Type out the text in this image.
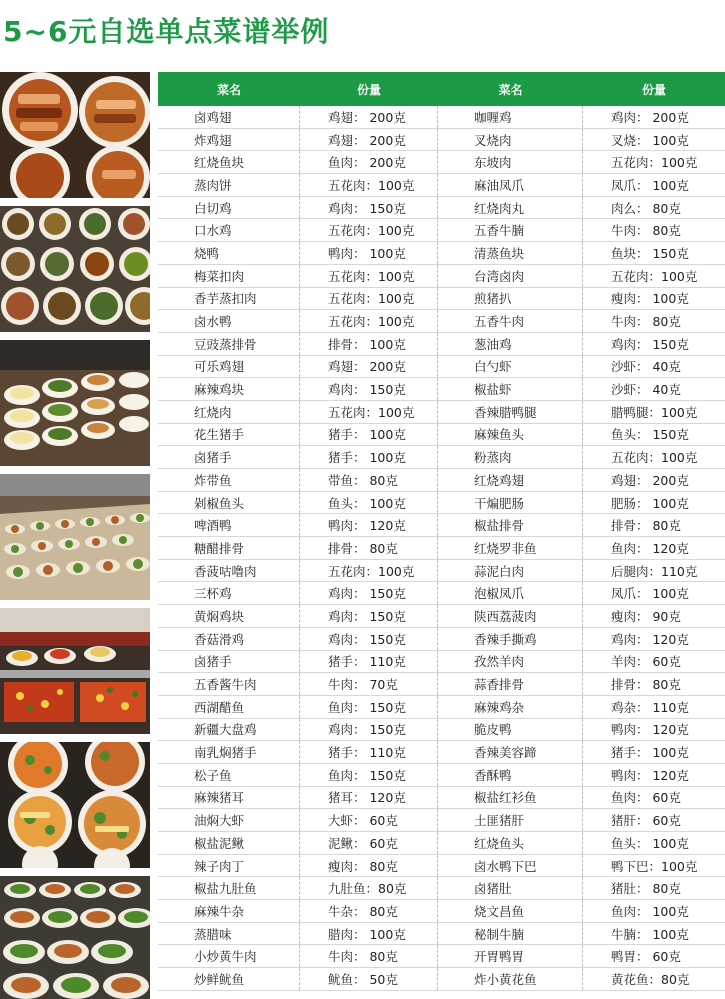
5~6元自选单点菜谱举例
菜名	份量	菜名	份量
卤鸡翅	鸡翅： 200克	咖喱鸡	鸡肉： 200克
炸鸡翅	鸡翅： 200克	叉烧肉	叉烧： 100克
红烧鱼块	鱼肉： 200克	东坡肉	五花肉：100克
蒸肉饼	五花肉：100克	麻油凤爪	凤爪： 100克
白切鸡	鸡肉： 150克	红烧肉丸	肉么： 80克
口水鸡	五花肉：100克	五香牛腩	牛肉： 80克
烧鸭	鸭肉： 100克	清蒸鱼块	鱼块： 150克
梅菜扣肉	五花肉：100克	台湾卤肉	五花肉：100克
香芋蒸扣肉	五花肉：100克	煎猪扒	瘦肉： 100克
卤水鸭	五花肉：100克	五香牛肉	牛肉： 80克
豆豉蒸排骨	排骨： 100克	葱油鸡	鸡肉： 150克
可乐鸡翅	鸡翅： 200克	白勺虾	沙虾： 40克
麻辣鸡块	鸡肉： 150克	椒盐虾	沙虾： 40克
红烧肉	五花肉：100克	香辣腊鸭腿	腊鸭腿：100克
花生猪手	猪手： 100克	麻辣鱼头	鱼头： 150克
卤猪手	猪手： 100克	粉蒸肉	五花肉：100克
炸带鱼	带鱼： 80克	红烧鸡翅	鸡翅： 200克
剁椒鱼头	鱼头： 100克	干煸肥肠	肥肠： 100克
啤酒鸭	鸭肉： 120克	椒盐排骨	排骨： 80克
糖醋排骨	排骨： 80克	红烧罗非鱼	鱼肉： 120克
香菠咕噜肉	五花肉：100克	蒜泥白肉	后腿肉：110克
三杯鸡	鸡肉： 150克	泡椒凤爪	凤爪： 100克
黄焖鸡块	鸡肉： 150克	陕西荔菠肉	瘦肉： 90克
香菇滑鸡	鸡肉： 150克	香辣手撕鸡	鸡肉： 120克
卤猪手	猪手： 110克	孜然羊肉	羊肉： 60克
五香酱牛肉	牛肉： 70克	蒜香排骨	排骨： 80克
西湖醋鱼	鱼肉： 150克	麻辣鸡杂	鸡杂： 110克
新疆大盘鸡	鸡肉： 150克	脆皮鸭	鸭肉： 120克
南乳焖猪手	猪手： 110克	香辣美容蹄	猪手： 100克
松子鱼	鱼肉： 150克	香酥鸭	鸭肉： 120克
麻辣猪耳	猪耳： 120克	椒盐红衫鱼	鱼肉： 60克
油焖大虾	大虾： 60克	土匪猪肝	猪肝： 60克
椒盐泥鳅	泥鳅： 60克	红烧鱼头	鱼头： 100克
辣子肉丁	瘦肉： 80克	卤水鸭下巴	鸭下巴：100克
椒盐九肚鱼	九肚鱼：80克	卤猪肚	猪肚： 80克
麻辣牛杂	牛杂： 80克	烧文昌鱼	鱼肉： 100克
蒸腊味	腊肉： 100克	秘制牛腩	牛腩： 100克
小炒黄牛肉	牛肉： 80克	开胃鸭胃	鸭胃： 60克
炒鲜鱿鱼	鱿鱼： 50克	炸小黄花鱼	黄花鱼：80克
